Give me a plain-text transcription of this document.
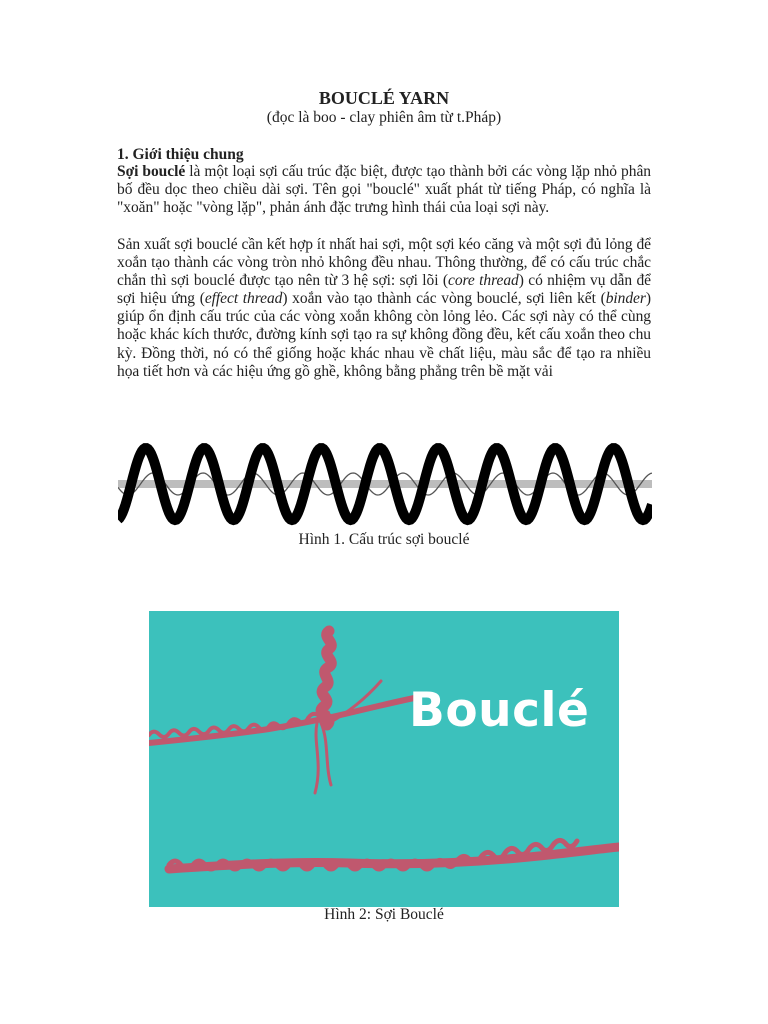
BOUCLÉ YARN
(đọc là boo - clay phiên âm từ t.Pháp)
1. Giới thiệu chung

Sợi bouclé là một loại sợi cấu trúc đặc biệt, được tạo thành bởi các vòng lặp nhỏ phân bố đều dọc theo chiều dài sợi. Tên gọi "bouclé" xuất phát từ tiếng Pháp, có nghĩa là "xoăn" hoặc "vòng lặp", phản ánh đặc trưng hình thái của loại sợi này.

Sản xuất sợi bouclé cần kết hợp ít nhất hai sợi, một sợi kéo căng và một sợi đủ lỏng để xoắn tạo thành các vòng tròn nhỏ không đều nhau. Thông thường, để có cấu trúc chắc chắn thì sợi bouclé được tạo nên từ 3 hệ sợi: sợi lõi (core thread) có nhiệm vụ dẫn để sợi hiệu ứng (effect thread) xoắn vào tạo thành các vòng bouclé, sợi liên kết (binder) giúp ổn định cấu trúc của các vòng xoắn không còn lỏng lẻo. Các sợi này có thể cùng hoặc khác kích thước, đường kính sợi tạo ra sự không đồng đều, kết cấu xoắn theo chu kỳ. Đồng thời, nó có thể giống hoặc khác nhau về chất liệu, màu sắc để tạo ra nhiều họa tiết hơn và các hiệu ứng gồ ghề, không bằng phẳng trên bề mặt vải

Hình 1. Cấu trúc sợi bouclé
Bouclé
Hình 2: Sợi Bouclé
